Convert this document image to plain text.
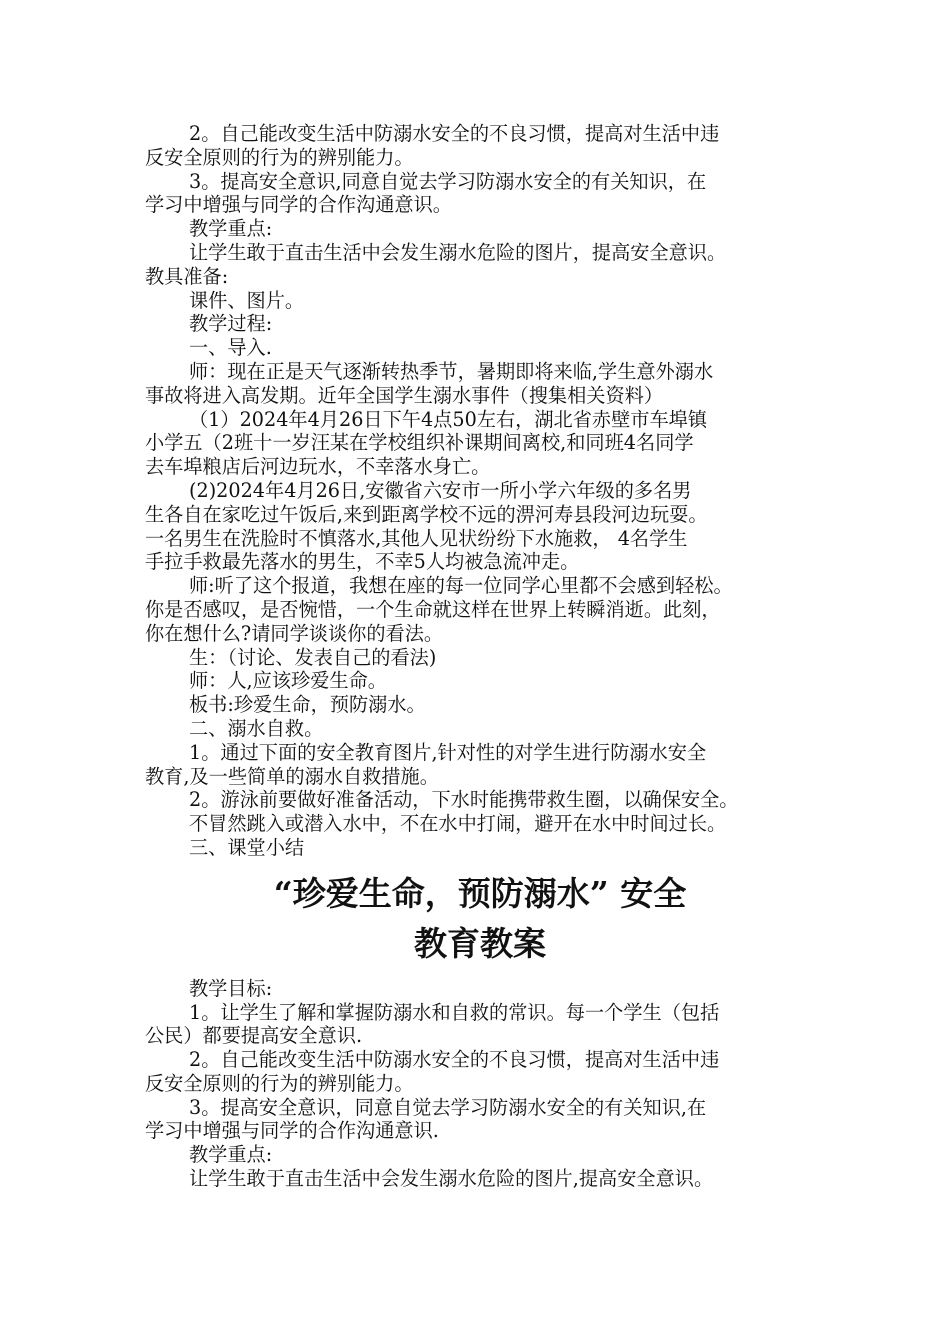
2。自己能改变生活中防溺水安全的不良习惯，提高对生活中违
反安全原则的行为的辨别能力。
3。提高安全意识,同意自觉去学习防溺水安全的有关知识，在
学习中增强与同学的合作沟通意识。
教学重点:
让学生敢于直击生活中会发生溺水危险的图片，提高安全意识。
教具准备:
课件、图片。
教学过程:
一、导入.
师：现在正是天气逐渐转热季节，暑期即将来临,学生意外溺水
事故将进入高发期。近年全国学生溺水事件（搜集相关资料）
（1）2024年4月26日下午4点50左右，湖北省赤壁市车埠镇
小学五（2班十一岁汪某在学校组织补课期间离校,和同班4名同学
去车埠粮店后河边玩水，不幸落水身亡。
(2)2024年4月26日,安徽省六安市一所小学六年级的多名男
生各自在家吃过午饭后,来到距离学校不远的淠河寿县段河边玩耍。
一名男生在洗脸时不慎落水,其他人见状纷纷下水施救， 4名学生
手拉手救最先落水的男生，不幸5人均被急流冲走。
师:听了这个报道，我想在座的每一位同学心里都不会感到轻松。
你是否感叹，是否惋惜，一个生命就这样在世界上转瞬消逝。此刻，
你在想什么?请同学谈谈你的看法。
生：（讨论、发表自己的看法)
师：人,应该珍爱生命。
板书:珍爱生命，预防溺水。
二、溺水自救。
1。通过下面的安全教育图片,针对性的对学生进行防溺水安全
教育,及一些简单的溺水自救措施。
2。游泳前要做好准备活动，下水时能携带救生圈，以确保安全。
不冒然跳入或潜入水中，不在水中打闹，避开在水中时间过长。
三、课堂小结
“珍爱生命，预防溺水” 安全
教育教案
教学目标:
1。让学生了解和掌握防溺水和自救的常识。每一个学生（包括
公民）都要提高安全意识.
2。自己能改变生活中防溺水安全的不良习惯，提高对生活中违
反安全原则的行为的辨别能力。
3。提高安全意识，同意自觉去学习防溺水安全的有关知识,在
学习中增强与同学的合作沟通意识.
教学重点:
让学生敢于直击生活中会发生溺水危险的图片,提高安全意识。
